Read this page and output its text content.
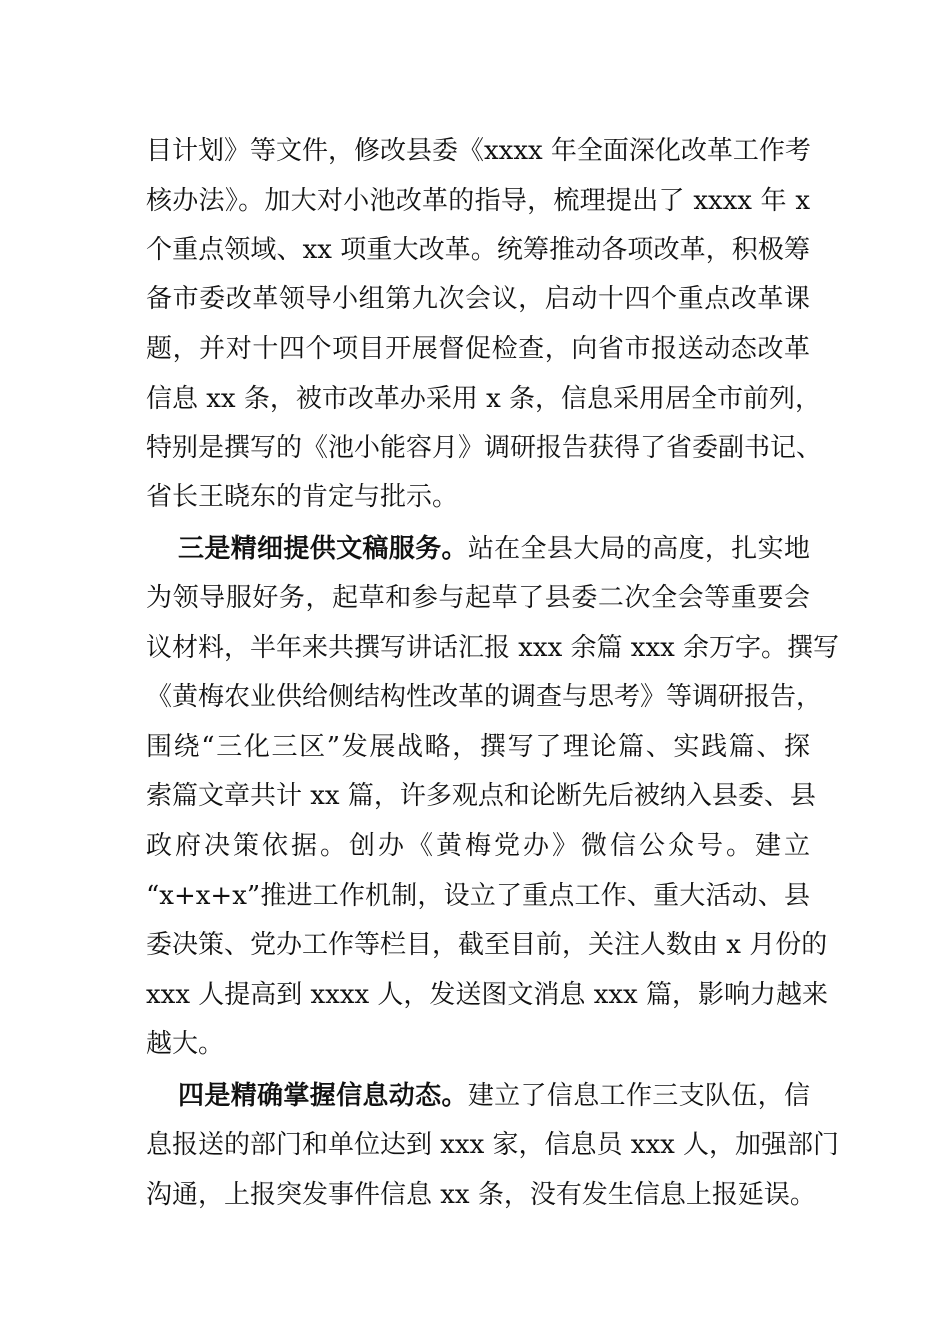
目计划》等文件，修改县委《xxxx 年全面深化改革工作考
核办法》。加大对小池改革的指导，梳理提出了 xxxx 年 x
个重点领域、xx 项重大改革。统筹推动各项改革，积极筹
备市委改革领导小组第九次会议，启动十四个重点改革课
题，并对十四个项目开展督促检查，向省市报送动态改革
信息 xx 条，被市改革办采用 x 条，信息采用居全市前列，
特别是撰写的《池小能容月》调研报告获得了省委副书记、
省长王晓东的肯定与批示。
三是精细提供文稿服务。站在全县大局的高度，扎实地
为领导服好务，起草和参与起草了县委二次全会等重要会
议材料，半年来共撰写讲话汇报 xxx 余篇 xxx 余万字。撰写
《黄梅农业供给侧结构性改革的调查与思考》等调研报告，
围绕“三化三区”发展战略，撰写了理论篇、实践篇、探
索篇文章共计 xx 篇，许多观点和论断先后被纳入县委、县
政府决策依据。创办《黄梅党办》微信公众号。建立
“x+x+x”推进工作机制，设立了重点工作、重大活动、县
委决策、党办工作等栏目，截至目前，关注人数由 x 月份的
xxx 人提高到 xxxx 人，发送图文消息 xxx 篇，影响力越来
越大。
四是精确掌握信息动态。建立了信息工作三支队伍，信
息报送的部门和单位达到 xxx 家，信息员 xxx 人，加强部门
沟通，上报突发事件信息 xx 条，没有发生信息上报延误。
